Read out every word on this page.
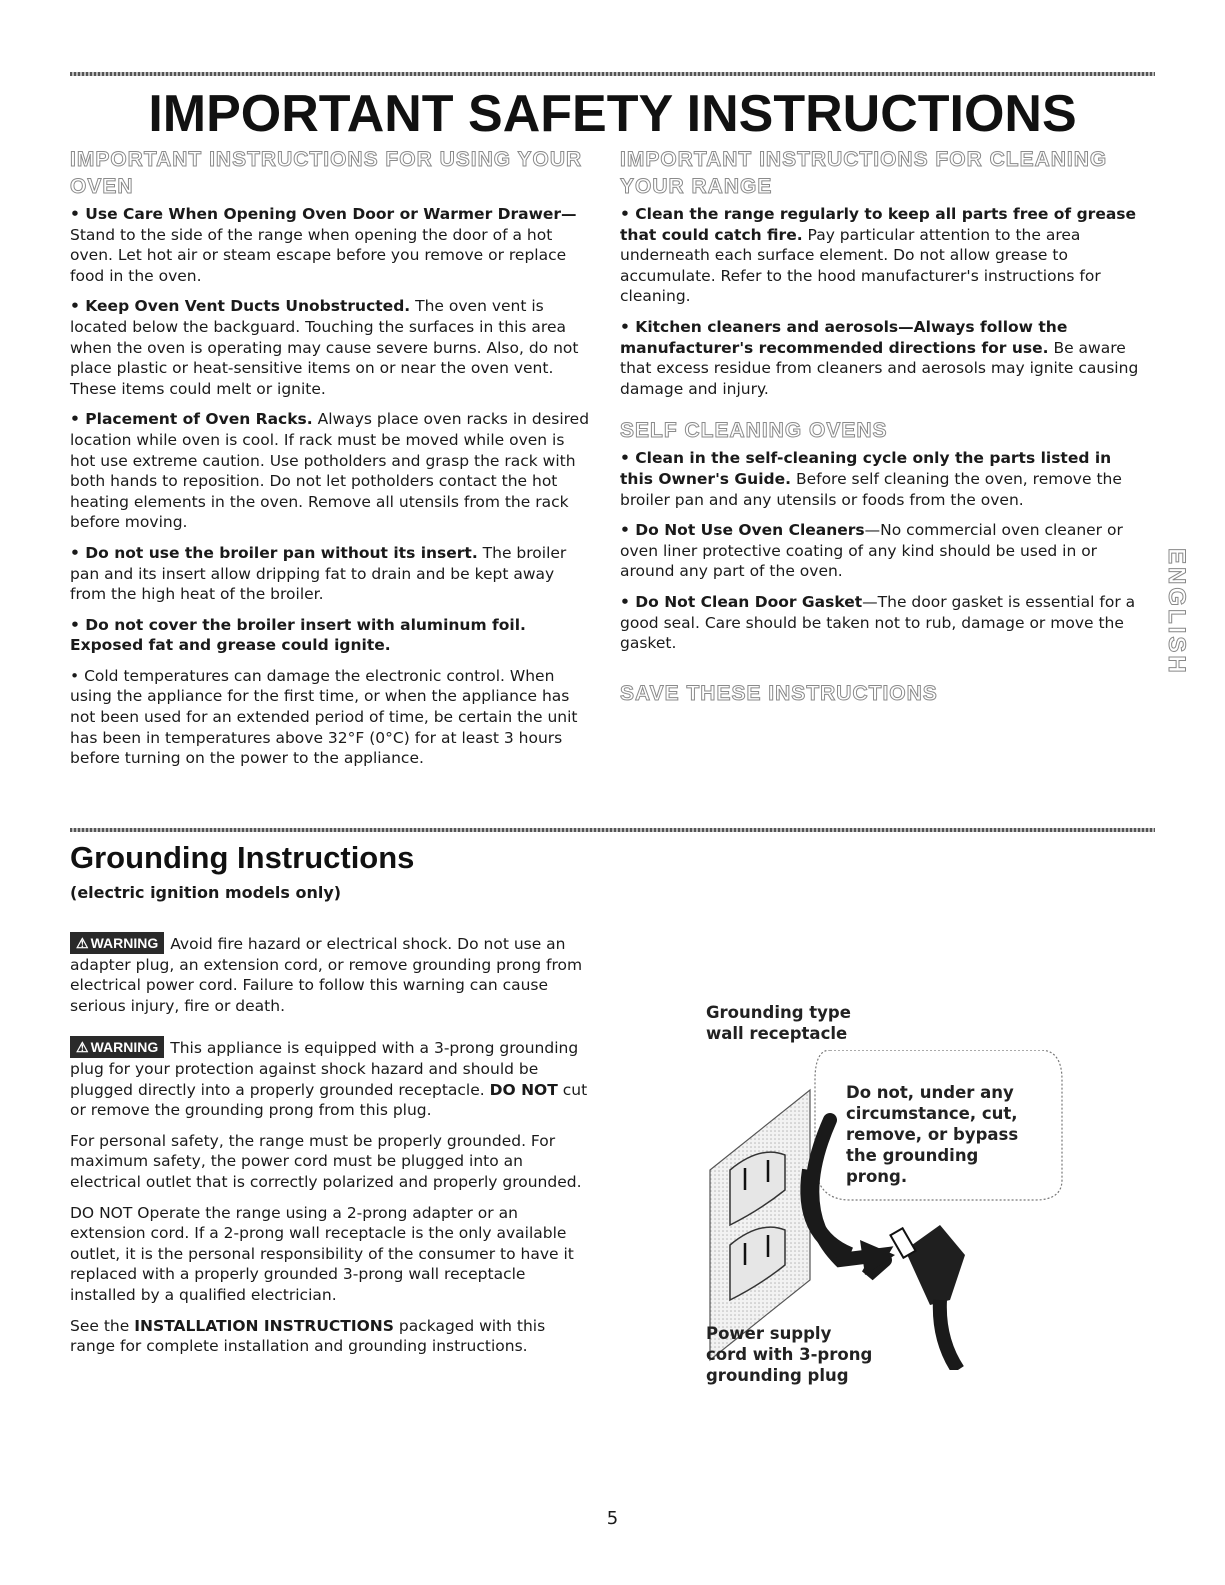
IMPORTANT SAFETY INSTRUCTIONS
IMPORTANT INSTRUCTIONS FOR USING YOUR OVEN

• Use Care When Opening Oven Door or Warmer Drawer— Stand to the side of the range when opening the door of a hot oven. Let hot air or steam escape before you remove or replace food in the oven.

• Keep Oven Vent Ducts Unobstructed. The oven vent is located below the backguard. Touching the surfaces in this area when the oven is operating may cause severe burns. Also, do not place plastic or heat-sensitive items on or near the oven vent. These items could melt or ignite.

• Placement of Oven Racks. Always place oven racks in desired location while oven is cool. If rack must be moved while oven is hot use extreme caution. Use potholders and grasp the rack with both hands to reposition. Do not let potholders contact the hot heating elements in the oven. Remove all utensils from the rack before moving.

• Do not use the broiler pan without its insert. The broiler pan and its insert allow dripping fat to drain and be kept away from the high heat of the broiler.

• Do not cover the broiler insert with aluminum foil. Exposed fat and grease could ignite.

• Cold temperatures can damage the electronic control. When using the appliance for the first time, or when the appliance has not been used for an extended period of time, be certain the unit has been in temperatures above 32°F (0°C) for at least 3 hours before turning on the power to the appliance.

IMPORTANT INSTRUCTIONS FOR CLEANING YOUR RANGE

• Clean the range regularly to keep all parts free of grease that could catch fire. Pay particular attention to the area underneath each surface element. Do not allow grease to accumulate. Refer to the hood manufacturer's instructions for cleaning.

• Kitchen cleaners and aerosols—Always follow the manufacturer's recommended directions for use. Be aware that excess residue from cleaners and aerosols may ignite causing damage and injury.

SELF CLEANING OVENS

• Clean in the self-cleaning cycle only the parts listed in this Owner's Guide. Before self cleaning the oven, remove the broiler pan and any utensils or foods from the oven.

• Do Not Use Oven Cleaners—No commercial oven cleaner or oven liner protective coating of any kind should be used in or around any part of the oven.

• Do Not Clean Door Gasket—The door gasket is essential for a good seal. Care should be taken not to rub, damage or move the gasket.

SAVE THESE INSTRUCTIONS
ENGLISH
Grounding Instructions
(electric ignition models only)

⚠ WARNING Avoid fire hazard or electrical shock. Do not use an adapter plug, an extension cord, or remove grounding prong from electrical power cord. Failure to follow this warning can cause serious injury, fire or death.

⚠ WARNING This appliance is equipped with a 3-prong grounding plug for your protection against shock hazard and should be plugged directly into a properly grounded receptacle. DO NOT cut or remove the grounding prong from this plug.

For personal safety, the range must be properly grounded. For maximum safety, the power cord must be plugged into an electrical outlet that is correctly polarized and properly grounded.

DO NOT Operate the range using a 2-prong adapter or an extension cord. If a 2-prong wall receptacle is the only available outlet, it is the personal responsibility of the consumer to have it replaced with a properly grounded 3-prong wall receptacle installed by a qualified electrician.

See the INSTALLATION INSTRUCTIONS packaged with this range for complete installation and grounding instructions.

Grounding type wall receptacle
Do not, under any circumstance, cut, remove, or bypass the grounding prong.
Power supply cord with 3-prong grounding plug
5
